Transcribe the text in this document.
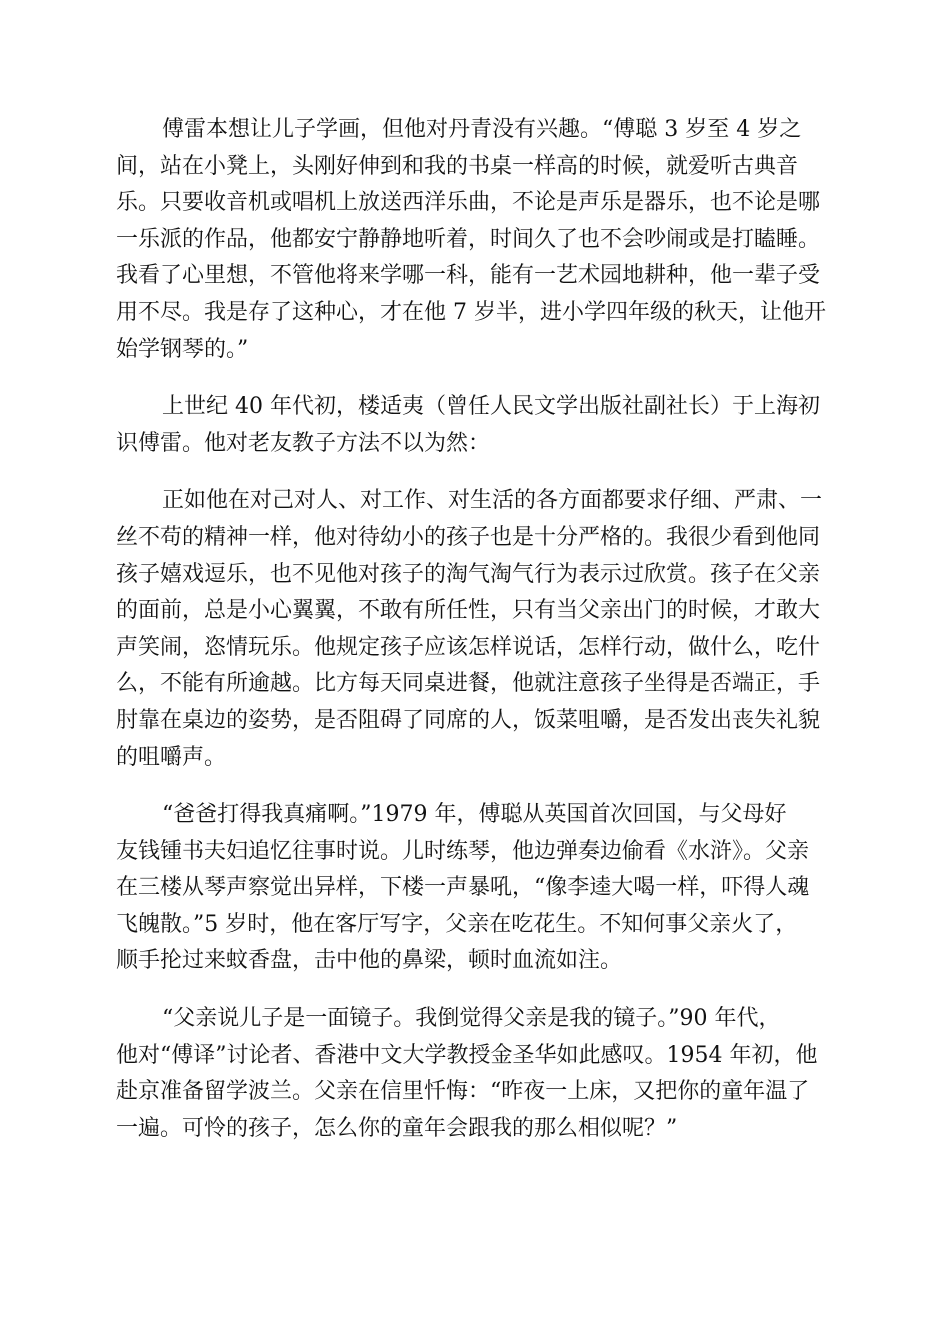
傅雷本想让儿子学画，但他对丹青没有兴趣。“傅聪 3 岁至 4 岁之
间，站在小凳上，头刚好伸到和我的书桌一样高的时候，就爱听古典音
乐。只要收音机或唱机上放送西洋乐曲，不论是声乐是器乐，也不论是哪
一乐派的作品，他都安宁静静地听着，时间久了也不会吵闹或是打瞌睡。
我看了心里想，不管他将来学哪一科，能有一艺术园地耕种，他一辈子受
用不尽。我是存了这种心，才在他 7 岁半，进小学四年级的秋天，让他开
始学钢琴的。”

上世纪 40 年代初，楼适夷（曾任人民文学出版社副社长）于上海初
识傅雷。他对老友教子方法不以为然：

正如他在对己对人、对工作、对生活的各方面都要求仔细、严肃、一
丝不苟的精神一样，他对待幼小的孩子也是十分严格的。我很少看到他同
孩子嬉戏逗乐，也不见他对孩子的淘气淘气行为表示过欣赏。孩子在父亲
的面前，总是小心翼翼，不敢有所任性，只有当父亲出门的时候，才敢大
声笑闹，恣情玩乐。他规定孩子应该怎样说话，怎样行动，做什么，吃什
么，不能有所逾越。比方每天同桌进餐，他就注意孩子坐得是否端正，手
肘靠在桌边的姿势，是否阻碍了同席的人，饭菜咀嚼，是否发出丧失礼貌
的咀嚼声。

“爸爸打得我真痛啊。”1979 年，傅聪从英国首次回国，与父母好
友钱锺书夫妇追忆往事时说。儿时练琴，他边弹奏边偷看《水浒》。父亲
在三楼从琴声察觉出异样，下楼一声暴吼，“像李逵大喝一样，吓得人魂
飞魄散。”5 岁时，他在客厅写字，父亲在吃花生。不知何事父亲火了，
顺手抡过来蚊香盘，击中他的鼻梁，顿时血流如注。

“父亲说儿子是一面镜子。我倒觉得父亲是我的镜子。”90 年代，
他对“傅译”讨论者、香港中文大学教授金圣华如此感叹。1954 年初，他
赴京准备留学波兰。父亲在信里忏悔：“昨夜一上床，又把你的童年温了
一遍。可怜的孩子，怎么你的童年会跟我的那么相似呢？”
